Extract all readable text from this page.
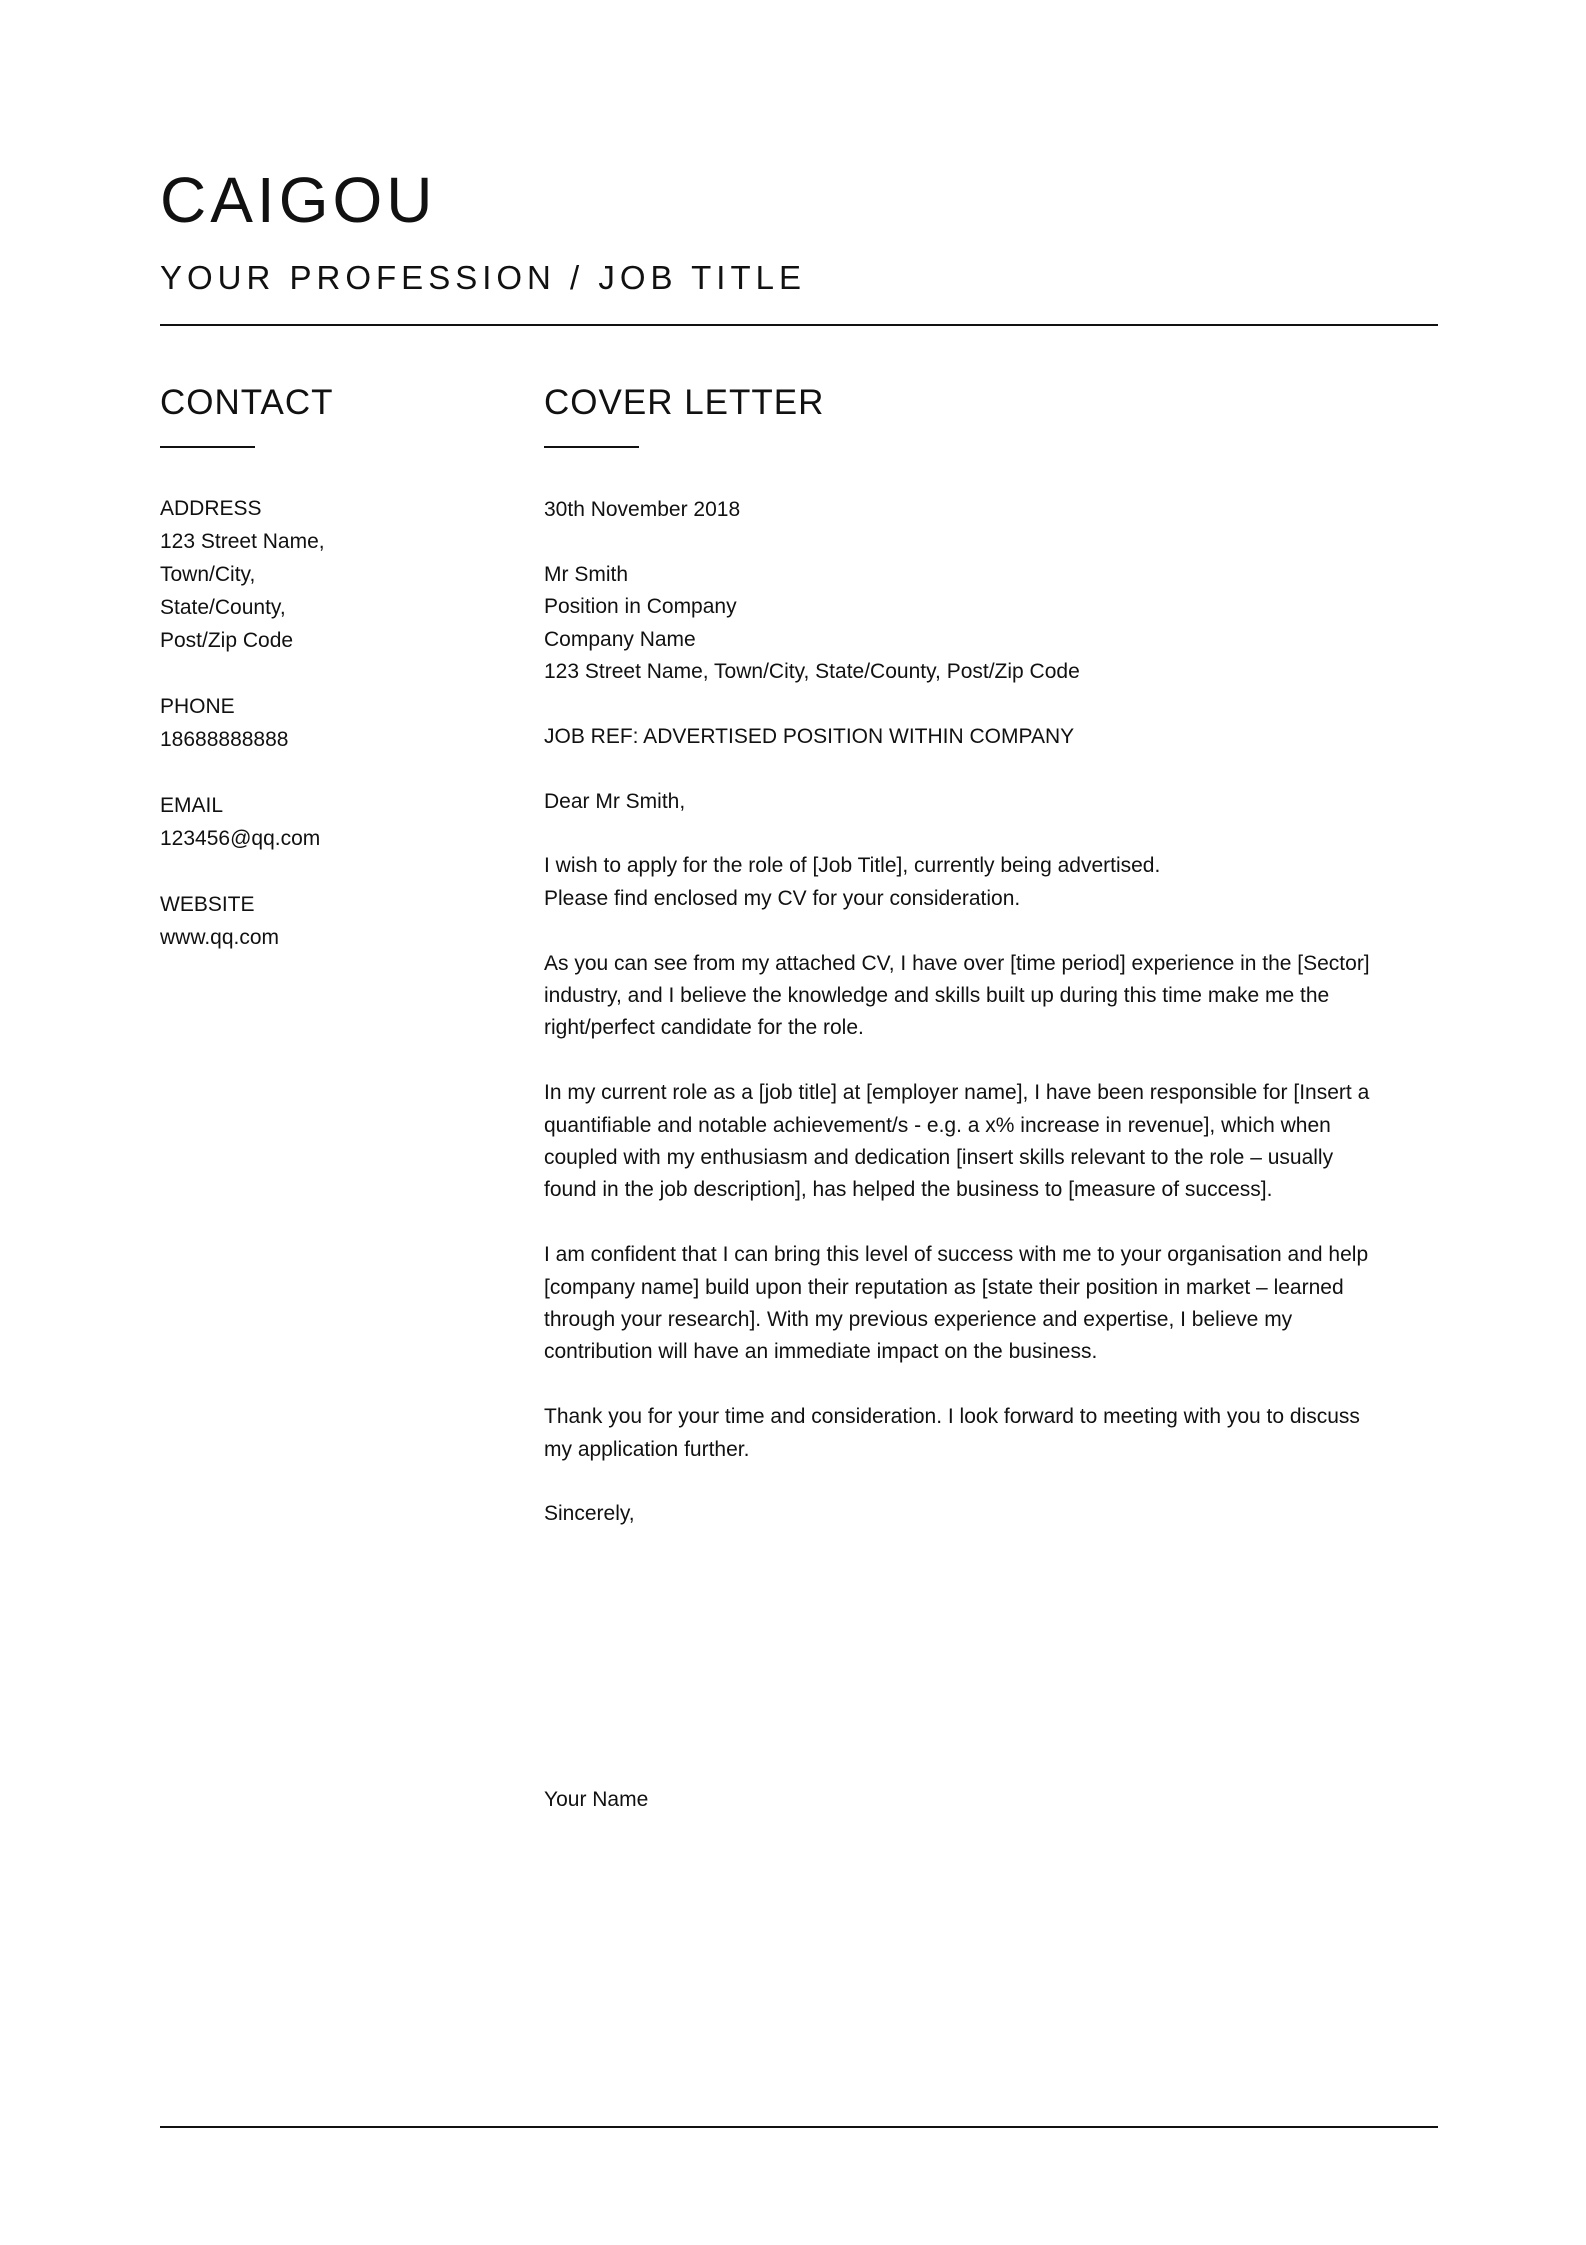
CAIGOU
YOUR PROFESSION / JOB TITLE
CONTACT	COVER LETTER
ADDRESS
123 Street Name,
Town/City,
State/County,
Post/Zip Code
PHONE
18688888888
EMAIL
123456@qq.com
WEBSITE
www.qq.com

30th November 2018

Mr Smith
Position in Company
Company Name
123 Street Name, Town/City, State/County, Post/Zip Code

JOB REF: ADVERTISED POSITION WITHIN COMPANY

Dear Mr Smith,

I wish to apply for the role of [Job Title], currently being advertised.
Please find enclosed my CV for your consideration.

As you can see from my attached CV, I have over [time period] experience in the [Sector]
industry, and I believe the knowledge and skills built up during this time make me the
right/perfect candidate for the role.

In my current role as a [job title] at [employer name], I have been responsible for [Insert a
quantifiable and notable achievement/s - e.g. a x% increase in revenue], which when
coupled with my enthusiasm and dedication [insert skills relevant to the role – usually
found in the job description], has helped the business to [measure of success].

I am confident that I can bring this level of success with me to your organisation and help
[company name] build upon their reputation as [state their position in market – learned
through your research]. With my previous experience and expertise, I believe my
contribution will have an immediate impact on the business.

Thank you for your time and consideration. I look forward to meeting with you to discuss
my application further.

Sincerely,

Your Name
